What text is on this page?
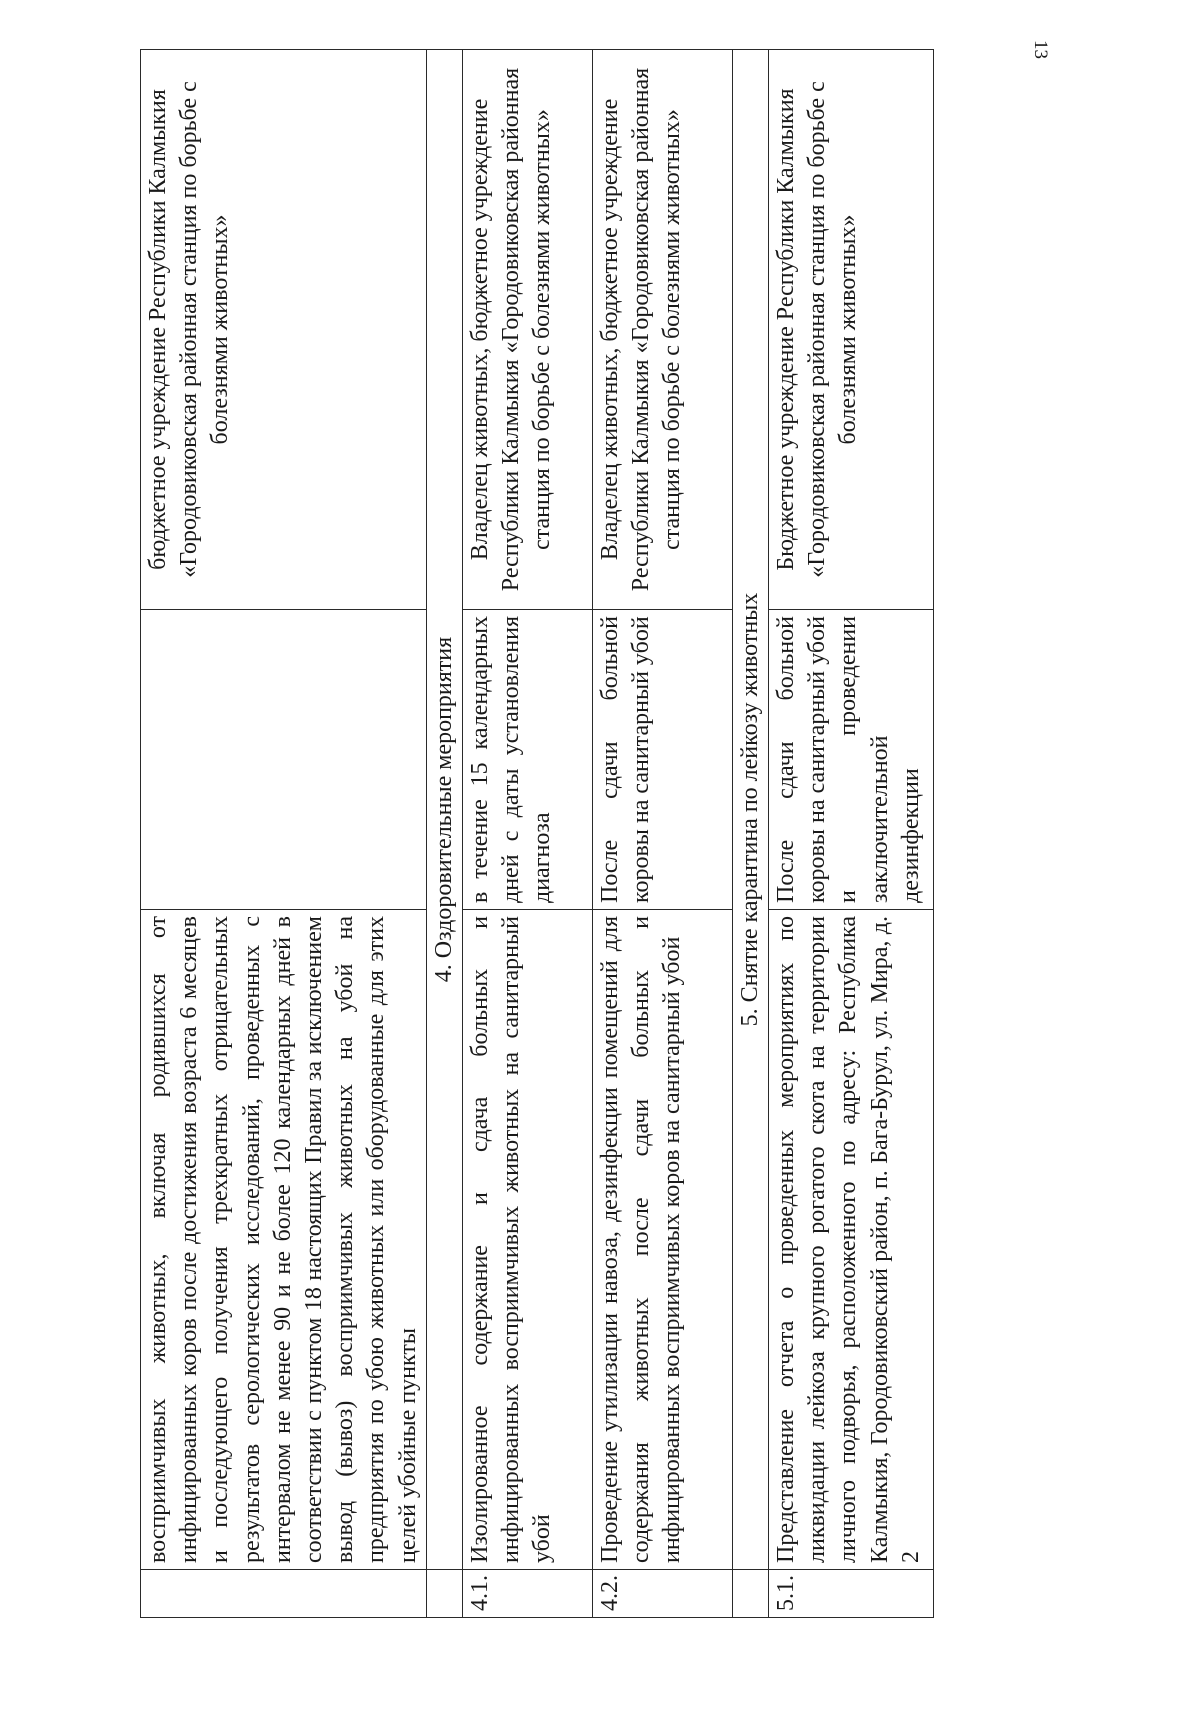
13
	восприимчивых животных, включая родившихся от инфицированных коров после достижения возраста 6 месяцев и последующего получения трехкратных отрицательных результатов серологических исследований, проведенных с интервалом не менее 90 и не более 120 календарных дней в соответствии с пунктом 18 настоящих Правил за исключением вывод (вывоз) восприимчивых животных на убой на предприятия по убою животных или оборудованные для этих целей убойные пункты		бюджетное учреждение Республики Калмыкия «Городовиковская районная станция по борьбе с болезнями животных»
	4. Оздоровительные мероприятия		
4.1.	Изолированное содержание и сдача больных и инфицированных восприимчивых животных на санитарный убой	в течение 15 календарных дней с даты установления диагноза	Владелец животных, бюджетное учреждение Республики Калмыкия «Городовиковская районная станция по борьбе с болезнями животных»
4.2.	Проведение утилизации навоза, дезинфекции помещений для содержания животных после сдачи больных и инфицированных восприимчивых коров на санитарный убой	После сдачи больной коровы на санитарный убой	Владелец животных, бюджетное учреждение Республики Калмыкия «Городовиковская районная станция по борьбе с болезнями животных»
	5. Снятие карантина по лейкозу животных		
5.1.	Представление отчета о проведенных мероприятиях по ликвидации лейкоза крупного рогатого скота на территории личного подворья, расположенного по адресу: Республика Калмыкия, Городовиковский район, п. Бага-Бурул, ул. Мира, д. 2	После сдачи больной коровы на санитарный убой и проведении заключительной дезинфекции	Бюджетное учреждение Республики Калмыкия «Городовиковская районная станция по борьбе с болезнями животных»
